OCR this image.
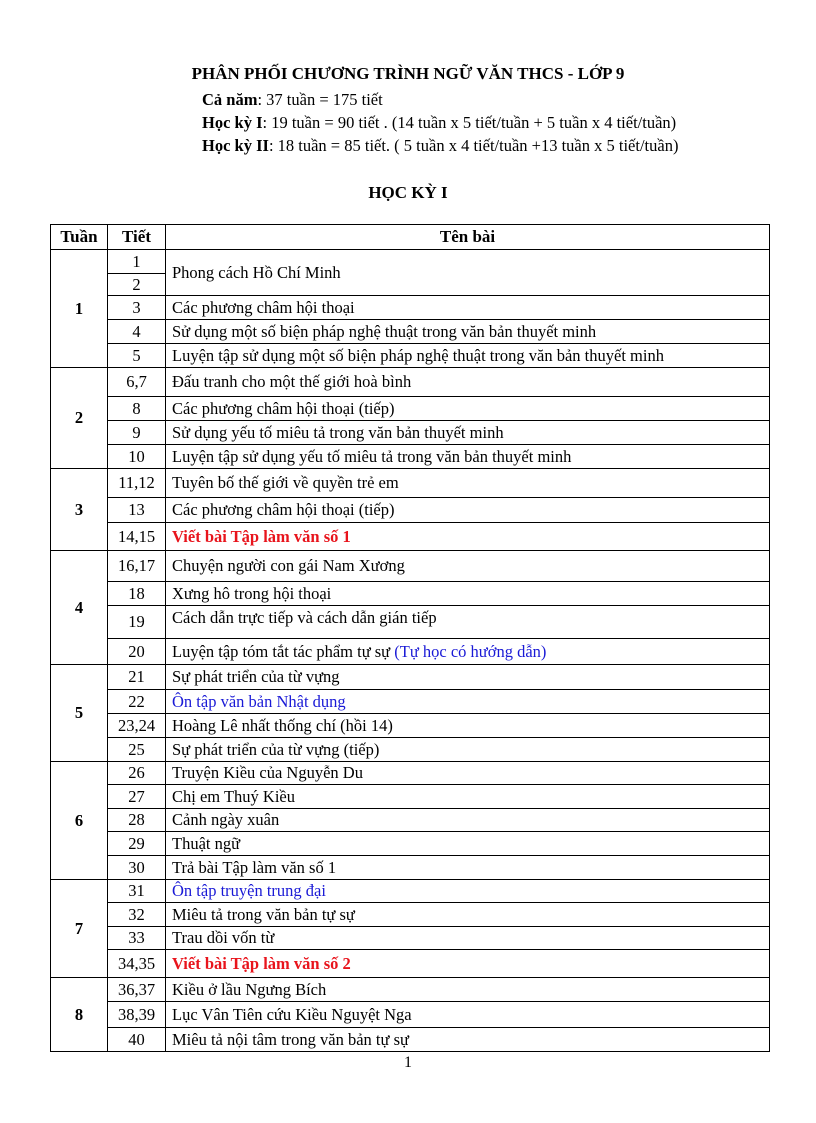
PHÂN PHỐI CHƯƠNG TRÌNH NGỮ VĂN THCS - LỚP 9
Cả năm: 37 tuần = 175 tiết
Học kỳ I: 19 tuần = 90 tiết . (14 tuần x 5 tiết/tuần + 5 tuần x 4 tiết/tuần)
Học kỳ II: 18 tuần = 85 tiết. ( 5 tuần x 4 tiết/tuần +13 tuần x 5 tiết/tuần)
HỌC KỲ I
Tuần	Tiết	Tên bài
1	1	Phong cách Hồ Chí Minh
	2	
	3	Các phương châm hội thoại
	4	Sử dụng một số biện pháp nghệ thuật trong văn bản thuyết minh
	5	Luyện tập sử dụng một số biện pháp nghệ thuật trong văn bản thuyết minh
2	6,7	Đấu tranh cho một thế giới hoà bình
	8	Các phương châm hội thoại (tiếp)
	9	Sử dụng yếu tố miêu tả trong văn bản thuyết minh
	10	Luyện tập sử dụng yếu tố miêu tả trong văn bản thuyết minh
3	11,12	Tuyên bố thế giới về quyền trẻ em
	13	Các phương châm hội thoại (tiếp)
	14,15	Viết bài Tập làm văn số 1
4	16,17	Chuyện người con gái Nam Xương
	18	Xưng hô trong hội thoại
	19	Cách dẫn trực tiếp và cách dẫn gián tiếp
	20	Luyện tập tóm tắt tác phẩm tự sự (Tự học có hướng dẫn)
5	21	Sự phát triển của từ vựng
	22	Ôn tập văn bản Nhật dụng
	23,24	Hoàng Lê nhất thống chí (hồi 14)
	25	Sự phát triển của từ vựng (tiếp)
6	26	Truyện Kiều của Nguyễn Du
	27	Chị em Thuý Kiều
	28	Cảnh ngày xuân
	29	Thuật ngữ
	30	Trả bài Tập làm văn số 1
7	31	Ôn tập truyện trung đại
	32	Miêu tả trong văn bản tự sự
	33	Trau dồi vốn từ
	34,35	Viết bài Tập làm văn số 2
8	36,37	Kiều ở lầu Ngưng Bích
	38,39	Lục Vân Tiên cứu Kiều Nguyệt Nga
	40	Miêu tả nội tâm trong văn bản tự sự
1
